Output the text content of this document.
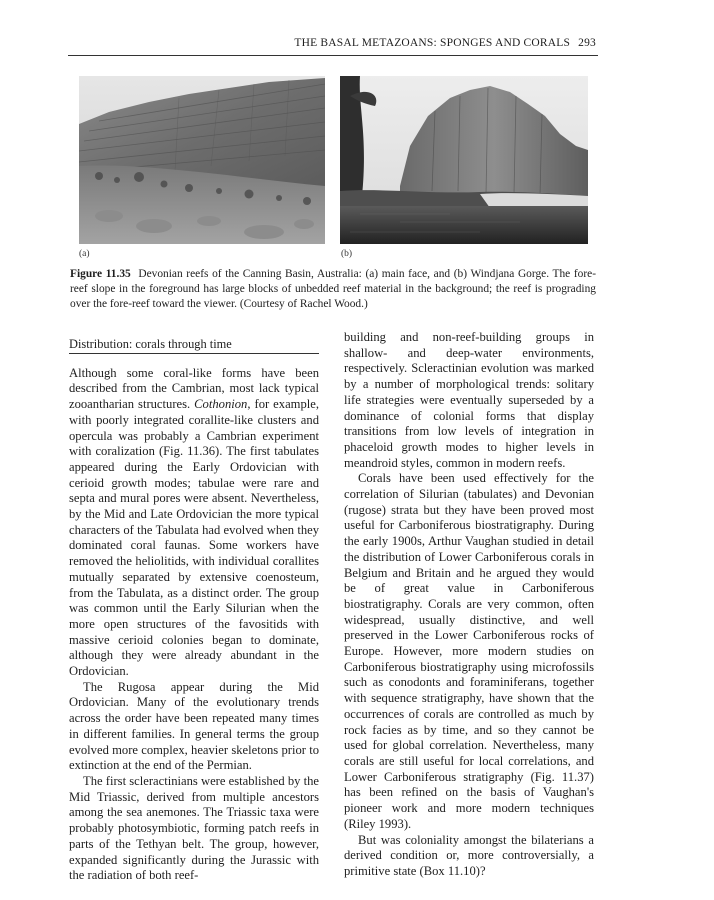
THE BASAL METAZOANS: SPONGES AND CORALS 293
(a)	(b)
Figure 11.35 Devonian reefs of the Canning Basin, Australia: (a) main face, and (b) Windjana Gorge. The fore-reef slope in the foreground has large blocks of unbedded reef material in the background; the reef is prograding over the fore-reef toward the viewer. (Courtesy of Rachel Wood.)
Distribution: corals through time

Although some coral-like forms have been described from the Cambrian, most lack typical zooantharian structures. Cothonion, for example, with poorly integrated corallite-like clusters and opercula was probably a Cambrian experiment with coralization (Fig. 11.36). The first tabulates appeared during the Early Ordovician with cerioid growth modes; tabulae were rare and septa and mural pores were absent. Nevertheless, by the Mid and Late Ordovician the more typical characters of the Tabulata had evolved when they dominated coral faunas. Some workers have removed the heliolitids, with individual corallites mutually separated by extensive coenosteum, from the Tabulata, as a distinct order. The group was common until the Early Silurian when the more open structures of the favositids with massive cerioid colonies began to dominate, although they were already abundant in the Ordovician.

The Rugosa appear during the Mid Ordovician. Many of the evolutionary trends across the order have been repeated many times in different families. In general terms the group evolved more complex, heavier skeletons prior to extinction at the end of the Permian.

The first scleractinians were established by the Mid Triassic, derived from multiple ancestors among the sea anemones. The Triassic taxa were probably photosymbiotic, forming patch reefs in parts of the Tethyan belt. The group, however, expanded significantly during the Jurassic with the radiation of both reef-

building and non-reef-building groups in shallow- and deep-water environments, respectively. Scleractinian evolution was marked by a number of morphological trends: solitary life strategies were eventually superseded by a dominance of colonial forms that display transitions from low levels of integration in phaceloid growth modes to higher levels in meandroid styles, common in modern reefs.

Corals have been used effectively for the correlation of Silurian (tabulates) and Devonian (rugose) strata but they have been proved most useful for Carboniferous biostratigraphy. During the early 1900s, Arthur Vaughan studied in detail the distribution of Lower Carboniferous corals in Belgium and Britain and he argued they would be of great value in Carboniferous biostratigraphy. Corals are very common, often widespread, usually distinctive, and well preserved in the Lower Carboniferous rocks of Europe. However, more modern studies on Carboniferous biostratigraphy using microfossils such as conodonts and foraminiferans, together with sequence stratigraphy, have shown that the occurrences of corals are controlled as much by rock facies as by time, and so they cannot be used for global correlation. Nevertheless, many corals are still useful for local correlations, and Lower Carboniferous stratigraphy (Fig. 11.37) has been refined on the basis of Vaughan's pioneer work and more modern techniques (Riley 1993).

But was coloniality amongst the bilaterians a derived condition or, more controversially, a primitive state (Box 11.10)?
